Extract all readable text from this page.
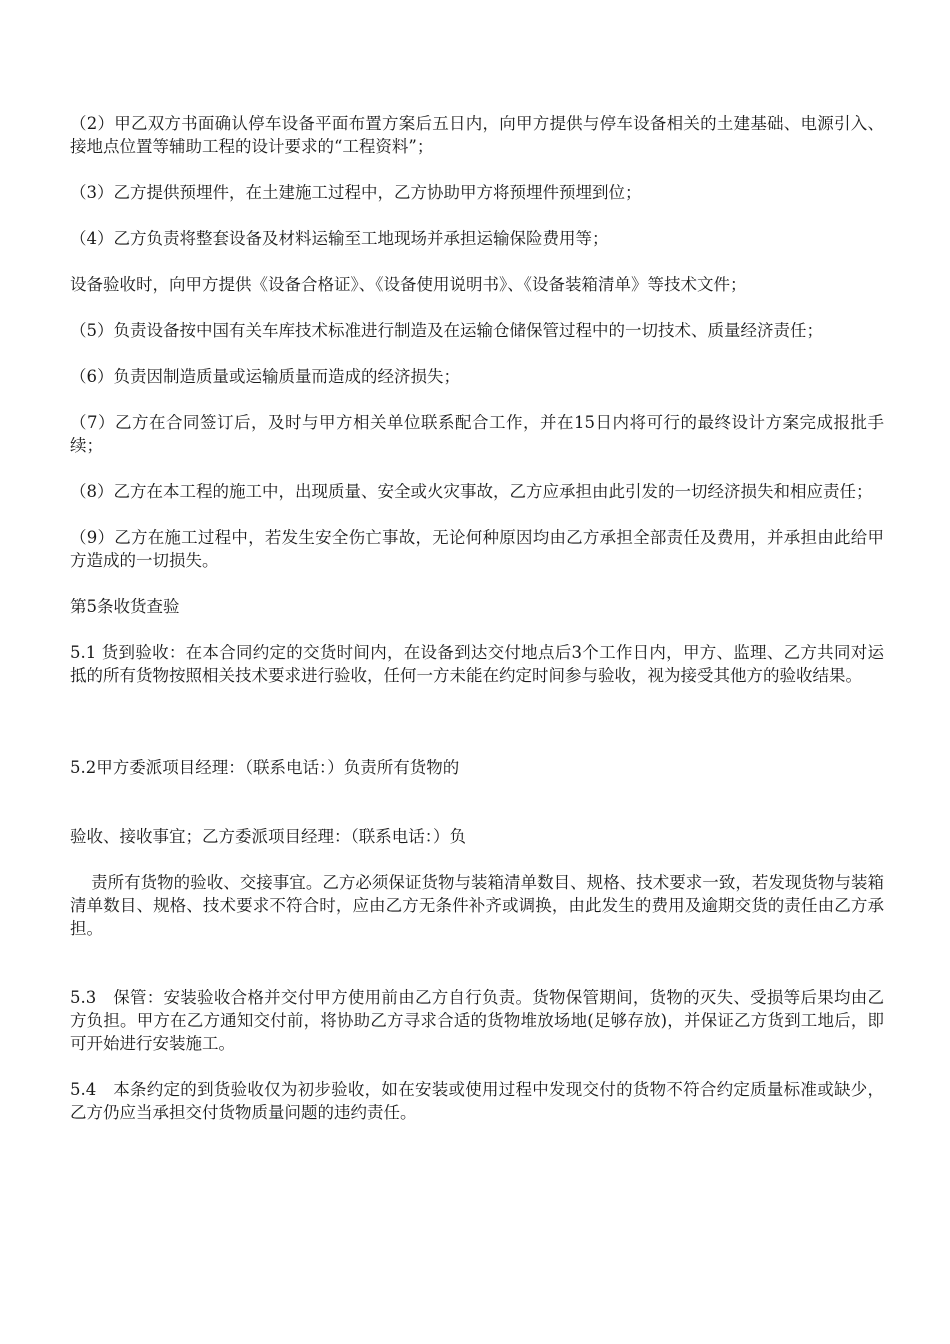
（2）甲乙双方书面确认停车设备平面布置方案后五日内，向甲方提供与停车设备相关的土建基础、电源引入、接地点位置等辅助工程的设计要求的“工程资料”；

（3）乙方提供预埋件，在土建施工过程中，乙方协助甲方将预埋件预埋到位；

（4）乙方负责将整套设备及材料运输至工地现场并承担运输保险费用等；

设备验收时，向甲方提供《设备合格证》、《设备使用说明书》、《设备装箱清单》等技术文件；

（5）负责设备按中国有关车库技术标准进行制造及在运输仓储保管过程中的一切技术、质量经济责任；

（6）负责因制造质量或运输质量而造成的经济损失；

（7）乙方在合同签订后，及时与甲方相关单位联系配合工作，并在15日内将可行的最终设计方案完成报批手续；

（8）乙方在本工程的施工中，出现质量、安全或火灾事故，乙方应承担由此引发的一切经济损失和相应责任；

（9）乙方在施工过程中，若发生安全伤亡事故，无论何种原因均由乙方承担全部责任及费用，并承担由此给甲方造成的一切损失。

第5条收货查验

5.1 货到验收：在本合同约定的交货时间内，在设备到达交付地点后3个工作日内，甲方、监理、乙方共同对运抵的所有货物按照相关技术要求进行验收，任何一方未能在约定时间参与验收，视为接受其他方的验收结果。

5.2甲方委派项目经理：（联系电话：）负责所有货物的

验收、接收事宜；乙方委派项目经理：（联系电话：）负

责所有货物的验收、交接事宜。乙方必须保证货物与装箱清单数目、规格、技术要求一致，若发现货物与装箱清单数目、规格、技术要求不符合时，应由乙方无条件补齐或调换，由此发生的费用及逾期交货的责任由乙方承担。

5.3　保管：安装验收合格并交付甲方使用前由乙方自行负责。货物保管期间，货物的灭失、受损等后果均由乙方负担。甲方在乙方通知交付前，将协助乙方寻求合适的货物堆放场地(足够存放)，并保证乙方货到工地后，即可开始进行安装施工。

5.4　本条约定的到货验收仅为初步验收，如在安装或使用过程中发现交付的货物不符合约定质量标准或缺少，乙方仍应当承担交付货物质量问题的违约责任。
